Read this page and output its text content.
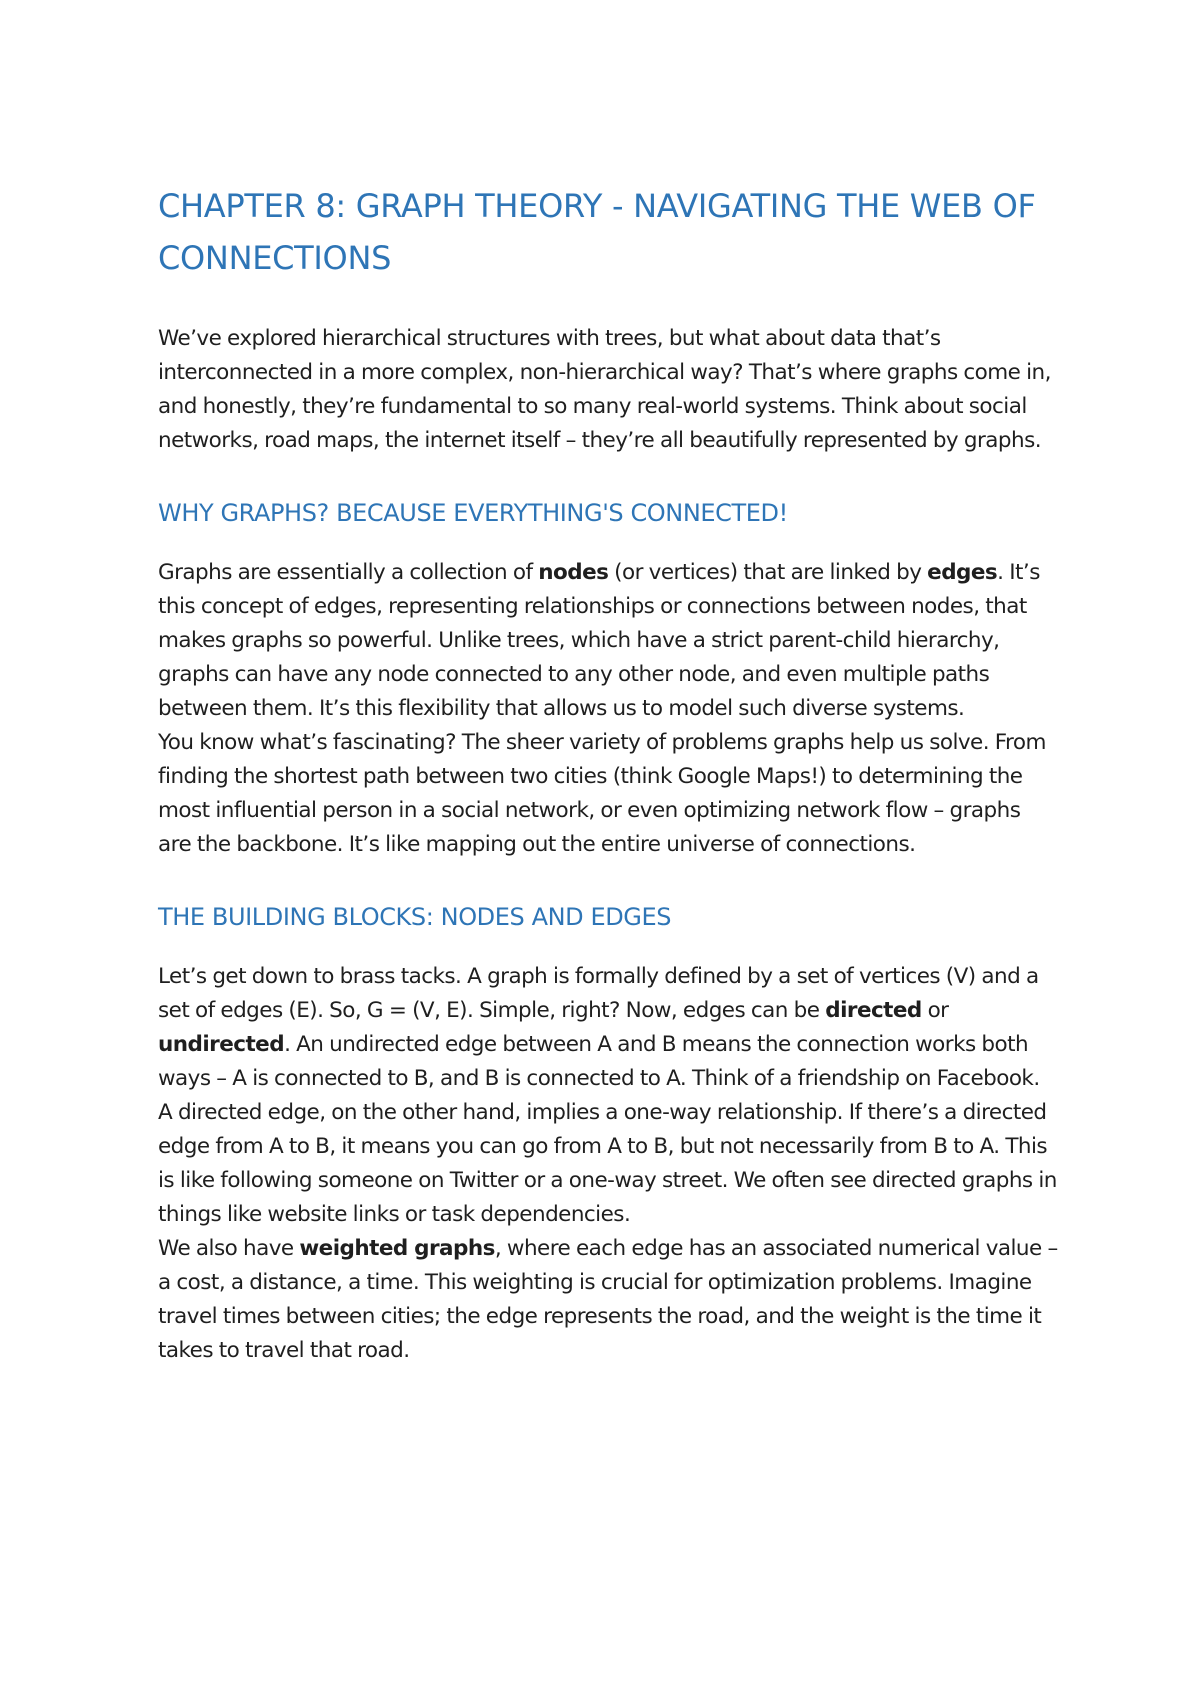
CHAPTER 8: GRAPH THEORY - NAVIGATING THE WEB OF CONNECTIONS

We’ve explored hierarchical structures with trees, but what about data that’s interconnected in a more complex, non-hierarchical way? That’s where graphs come in, and honestly, they’re fundamental to so many real-world systems. Think about social networks, road maps, the internet itself – they’re all beautifully represented by graphs.

WHY GRAPHS? BECAUSE EVERYTHING'S CONNECTED!

Graphs are essentially a collection of nodes (or vertices) that are linked by edges. It’s this concept of edges, representing relationships or connections between nodes, that makes graphs so powerful. Unlike trees, which have a strict parent-child hierarchy, graphs can have any node connected to any other node, and even multiple paths between them. It’s this flexibility that allows us to model such diverse systems.

You know what’s fascinating? The sheer variety of problems graphs help us solve. From finding the shortest path between two cities (think Google Maps!) to determining the most influential person in a social network, or even optimizing network flow – graphs are the backbone. It’s like mapping out the entire universe of connections.

THE BUILDING BLOCKS: NODES AND EDGES

Let’s get down to brass tacks. A graph is formally defined by a set of vertices (V) and a set of edges (E). So, G = (V, E). Simple, right? Now, edges can be directed or undirected. An undirected edge between A and B means the connection works both ways – A is connected to B, and B is connected to A. Think of a friendship on Facebook.

A directed edge, on the other hand, implies a one-way relationship. If there’s a directed edge from A to B, it means you can go from A to B, but not necessarily from B to A. This is like following someone on Twitter or a one-way street. We often see directed graphs in things like website links or task dependencies.

We also have weighted graphs, where each edge has an associated numerical value – a cost, a distance, a time. This weighting is crucial for optimization problems. Imagine travel times between cities; the edge represents the road, and the weight is the time it takes to travel that road.
